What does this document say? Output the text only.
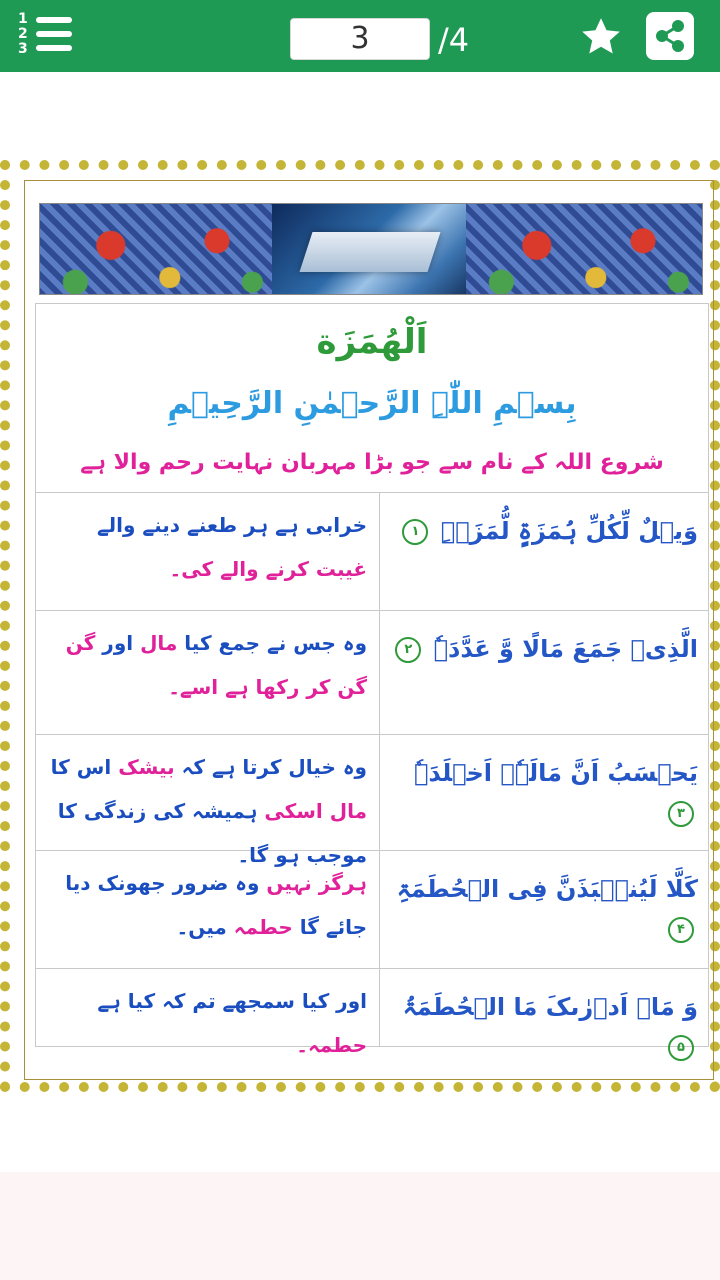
1
2
3	3	/4
اَلْهُمَزَة
بِسۡمِ اللّٰہِ الرَّحۡمٰنِ الرَّحِیۡمِ
شروع اللہ کے نام سے جو بڑا مہربان نہایت رحم والا ہے
خرابی ہے ہر طعنے دینے والے غیبت کرنے والے کی۔
وَیۡلٌ لِّکُلِّ ہُمَزَۃٍ لُّمَزَۃِۣ ۱
وہ جس نے جمع کیا مال اور گن گن کر رکھا ہے اسے۔
الَّذِیۡ جَمَعَ مَالًا وَّ عَدَّدَہٗ ۲
وہ خیال کرتا ہے کہ بیشک اس کا مال اسکی ہمیشہ کی زندگی کا موجب ہو گا۔
یَحۡسَبُ اَنَّ مَالَہٗۤ اَخۡلَدَہٗ ۳
ہرگز نہیں وہ ضرور جھونک دیا جائے گا حطمہ میں۔
کَلَّا لَیُنۡۢبَذَنَّ فِی الۡحُطَمَۃِ ۴
اور کیا سمجھے تم کہ کیا ہے حطمہ۔
وَ مَاۤ اَدۡرٰىکَ مَا الۡحُطَمَۃُ ۵
